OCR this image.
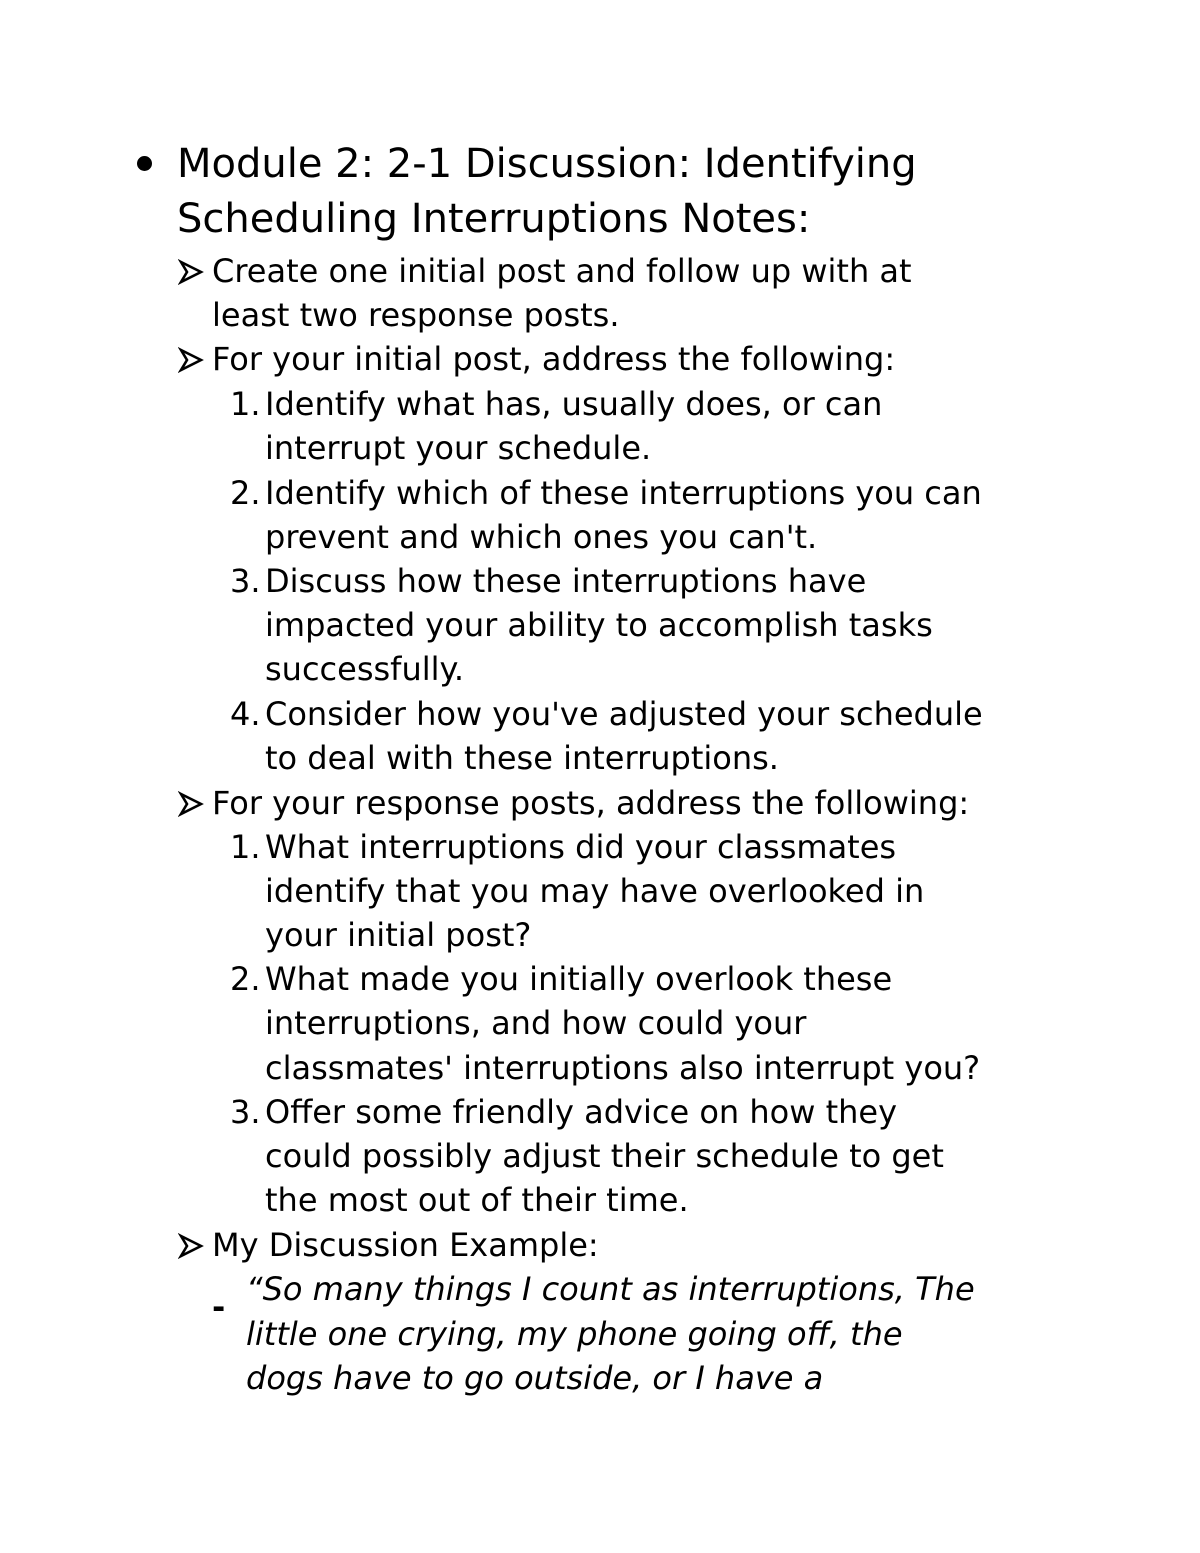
Module 2: 2-1 Discussion: Identifying
Scheduling Interruptions Notes:
Create one initial post and follow up with at
least two response posts.
For your initial post, address the following:
1. Identify what has, usually does, or can
interrupt your schedule.
2. Identify which of these interruptions you can
prevent and which ones you can't.
3. Discuss how these interruptions have
impacted your ability to accomplish tasks
successfully.
4. Consider how you've adjusted your schedule
to deal with these interruptions.
For your response posts, address the following:
1. What interruptions did your classmates
identify that you may have overlooked in
your initial post?
2. What made you initially overlook these
interruptions, and how could your
classmates' interruptions also interrupt you?
3. Offer some friendly advice on how they
could possibly adjust their schedule to get
the most out of their time.
My Discussion Example:
- “So many things I count as interruptions, The
little one crying, my phone going off, the
dogs have to go outside, or I have a
